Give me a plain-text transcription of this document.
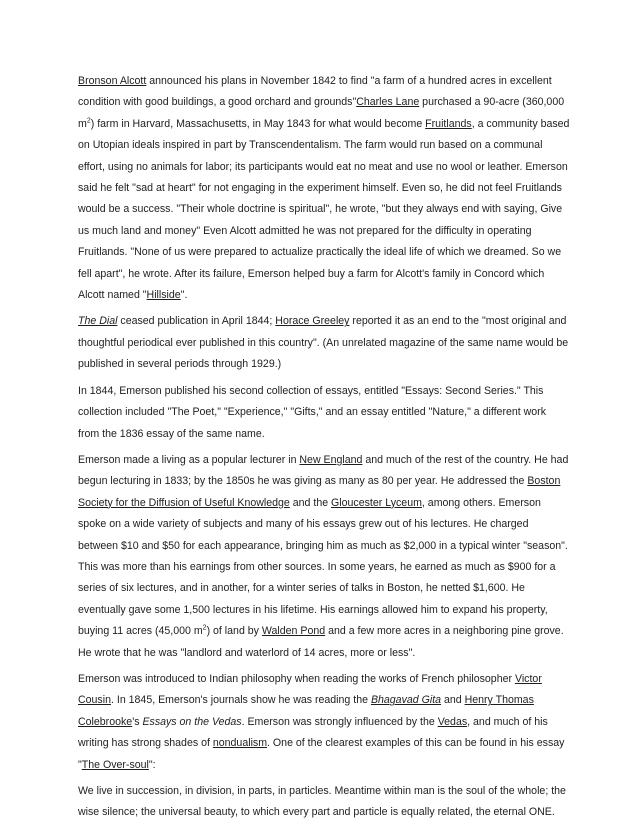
Bronson Alcott announced his plans in November 1842 to find "a farm of a hundred acres in excellent condition with good buildings, a good orchard and grounds"Charles Lane purchased a 90-acre (360,000 $m^2$) farm in Harvard, Massachusetts, in May 1843 for what would become Fruitlands, a community based on Utopian ideals inspired in part by Transcendentalism. The farm would run based on a communal effort, using no animals for labor; its participants would eat no meat and use no wool or leather. Emerson said he felt "sad at heart" for not engaging in the experiment himself. Even so, he did not feel Fruitlands would be a success. "Their whole doctrine is spiritual", he wrote, "but they always end with saying, Give us much land and money" Even Alcott admitted he was not prepared for the difficulty in operating Fruitlands. "None of us were prepared to actualize practically the ideal life of which we dreamed. So we fell apart", he wrote. After its failure, Emerson helped buy a farm for Alcott's family in Concord which Alcott named "Hillside".

The Dial ceased publication in April 1844; Horace Greeley reported it as an end to the "most original and thoughtful periodical ever published in this country". (An unrelated magazine of the same name would be published in several periods through 1929.)

In 1844, Emerson published his second collection of essays, entitled "Essays: Second Series." This collection included "The Poet," "Experience," "Gifts," and an essay entitled "Nature," a different work from the 1836 essay of the same name.

Emerson made a living as a popular lecturer in New England and much of the rest of the country. He had begun lecturing in 1833; by the 1850s he was giving as many as 80 per year. He addressed the Boston Society for the Diffusion of Useful Knowledge and the Gloucester Lyceum, among others. Emerson spoke on a wide variety of subjects and many of his essays grew out of his lectures. He charged between $10 and $50 for each appearance, bringing him as much as $2,000 in a typical winter "season". This was more than his earnings from other sources. In some years, he earned as much as $900 for a series of six lectures, and in another, for a winter series of talks in Boston, he netted $1,600. He eventually gave some 1,500 lectures in his lifetime. His earnings allowed him to expand his property, buying 11 acres (45,000 $m^2$) of land by Walden Pond and a few more acres in a neighboring pine grove. He wrote that he was "landlord and waterlord of 14 acres, more or less".

Emerson was introduced to Indian philosophy when reading the works of French philosopher Victor Cousin. In 1845, Emerson's journals show he was reading the Bhagavad Gita and Henry Thomas Colebrooke's Essays on the Vedas. Emerson was strongly influenced by the Vedas, and much of his writing has strong shades of nondualism. One of the clearest examples of this can be found in his essay "The Over-soul":

We live in succession, in division, in parts, in particles. Meantime within man is the soul of the whole; the wise silence; the universal beauty, to which every part and particle is equally related, the eternal ONE.
